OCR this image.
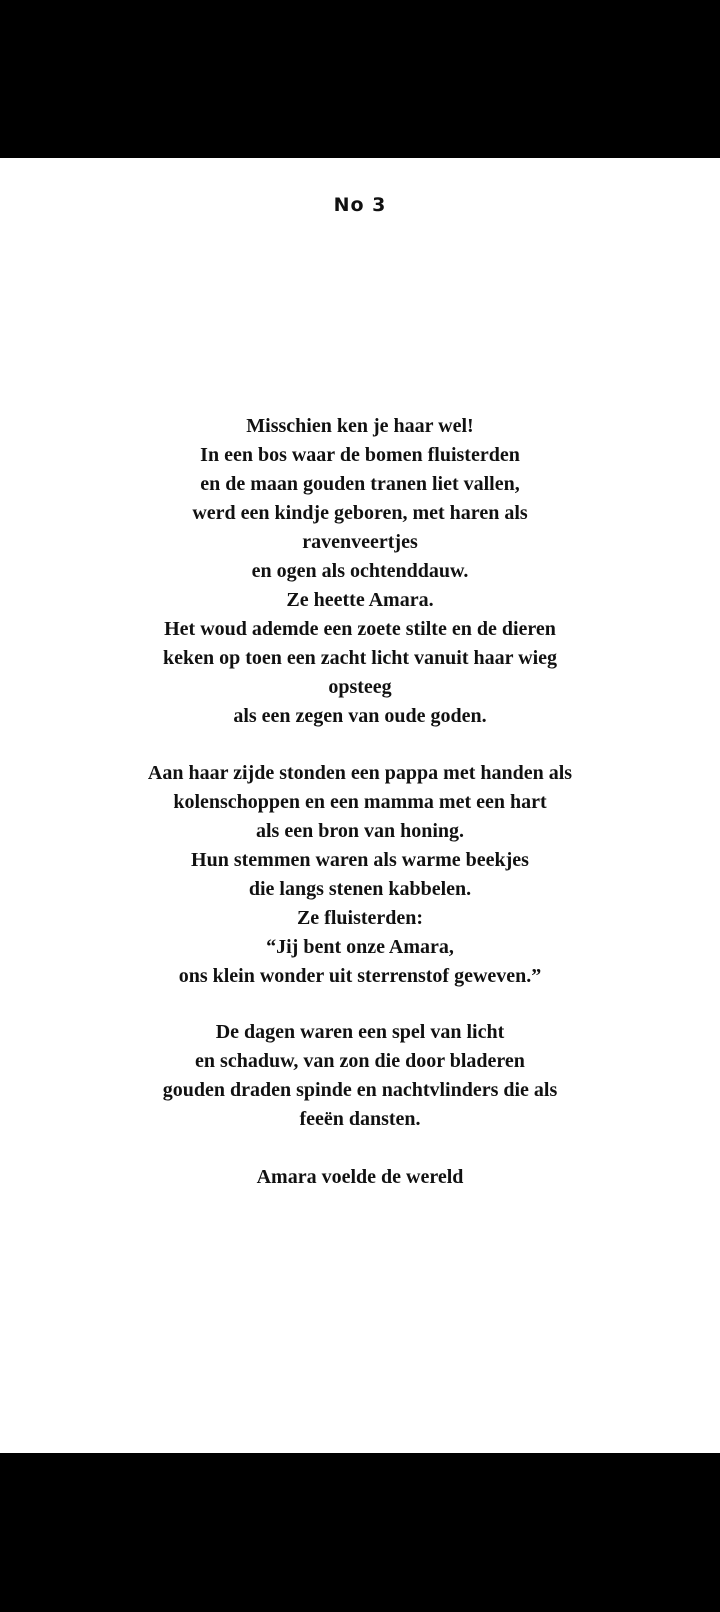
No 3
Misschien ken je haar wel!
In een bos waar de bomen fluisterden
en de maan gouden tranen liet vallen,
werd een kindje geboren, met haren als
ravenveertjes
en ogen als ochtenddauw.
Ze heette Amara.
Het woud ademde een zoete stilte en de dieren
keken op toen een zacht licht vanuit haar wieg
opsteeg
als een zegen van oude goden.
Aan haar zijde stonden een pappa met handen als
kolenschoppen en een mamma met een hart
als een bron van honing.
Hun stemmen waren als warme beekjes
die langs stenen kabbelen.
Ze fluisterden:
“Jij bent onze Amara,
ons klein wonder uit sterrenstof geweven.”
De dagen waren een spel van licht
en schaduw, van zon die door bladeren
gouden draden spinde en nachtvlinders die als
feeën dansten.
Amara voelde de wereld
